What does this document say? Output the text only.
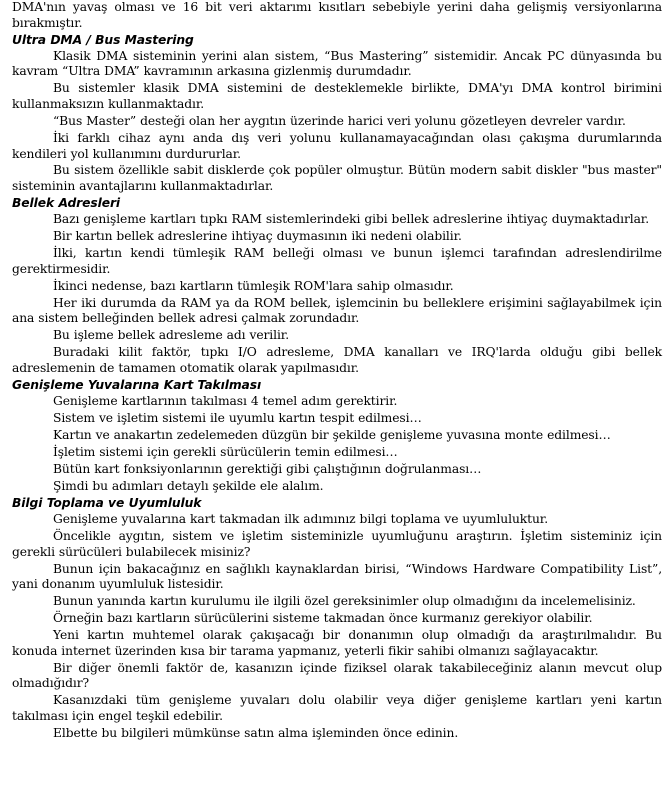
DMA'nın yavaş olması ve 16 bit veri aktarımı kısıtları sebebiyle yerini daha gelişmiş versiyonlarına bırakmıştır.

Ultra DMA / Bus Mastering

Klasik DMA sisteminin yerini alan sistem, “Bus Mastering” sistemidir. Ancak PC dünyasında bu kavram “Ultra DMA” kavramının arkasına gizlenmiş durumdadır.

Bu sistemler klasik DMA sistemini de desteklemekle birlikte, DMA'yı DMA kontrol birimini kullanmaksızın kullanmaktadır.

“Bus Master” desteği olan her aygıtın üzerinde harici veri yolunu gözetleyen devreler vardır.

İki farklı cihaz aynı anda dış veri yolunu kullanamayacağından olası çakışma durumlarında kendileri yol kullanımını durdururlar.

Bu sistem özellikle sabit disklerde çok popüler olmuştur. Bütün modern sabit diskler "bus master" sisteminin avantajlarını kullanmaktadırlar.

Bellek Adresleri

Bazı genişleme kartları tıpkı RAM sistemlerindeki gibi bellek adreslerine ihtiyaç duymaktadırlar.

Bir kartın bellek adreslerine ihtiyaç duymasının iki nedeni olabilir.

İlki, kartın kendi tümleşik RAM belleği olması ve bunun işlemci tarafından adreslendirilme gerektirmesidir.

İkinci nedense, bazı kartların tümleşik ROM'lara sahip olmasıdır.

Her iki durumda da RAM ya da ROM bellek, işlemcinin bu belleklere erişimini sağlayabilmek için ana sistem belleğinden bellek adresi çalmak zorundadır.

Bu işleme bellek adresleme adı verilir.

Buradaki kilit faktör, tıpkı I/O adresleme, DMA kanalları ve IRQ'larda olduğu gibi bellek adreslemenin de tamamen otomatik olarak yapılmasıdır.

Genişleme Yuvalarına Kart Takılması

Genişleme kartlarının takılması 4 temel adım gerektirir.

Sistem ve işletim sistemi ile uyumlu kartın tespit edilmesi…

Kartın ve anakartın zedelemeden düzgün bir şekilde genişleme yuvasına monte edilmesi…

İşletim sistemi için gerekli sürücülerin temin edilmesi…

Bütün kart fonksiyonlarının gerektiği gibi çalıştığının doğrulanması…

Şimdi bu adımları detaylı şekilde ele alalım.

Bilgi Toplama ve Uyumluluk

Genişleme yuvalarına kart takmadan ilk adımınız bilgi toplama ve uyumluluktur.

Öncelikle aygıtın, sistem ve işletim sisteminizle uyumluğunu araştırın. İşletim sisteminiz için gerekli sürücüleri bulabilecek misiniz?

Bunun için bakacağınız en sağlıklı kaynaklardan birisi, “Windows Hardware Compatibility List”, yani donanım uyumluluk listesidir.

Bunun yanında kartın kurulumu ile ilgili özel gereksinimler olup olmadığını da incelemelisiniz.

Örneğin bazı kartların sürücülerini sisteme takmadan önce kurmanız gerekiyor olabilir.

Yeni kartın muhtemel olarak çakışacağı bir donanımın olup olmadığı da araştırılmalıdır. Bu konuda internet üzerinden kısa bir tarama yapmanız, yeterli fikir sahibi olmanızı sağlayacaktır.

Bir diğer önemli faktör de, kasanızın içinde fiziksel olarak takabileceğiniz alanın mevcut olup olmadığıdır?

Kasanızdaki tüm genişleme yuvaları dolu olabilir veya diğer genişleme kartları yeni kartın takılması için engel teşkil edebilir.

Elbette bu bilgileri mümkünse satın alma işleminden önce edinin.
